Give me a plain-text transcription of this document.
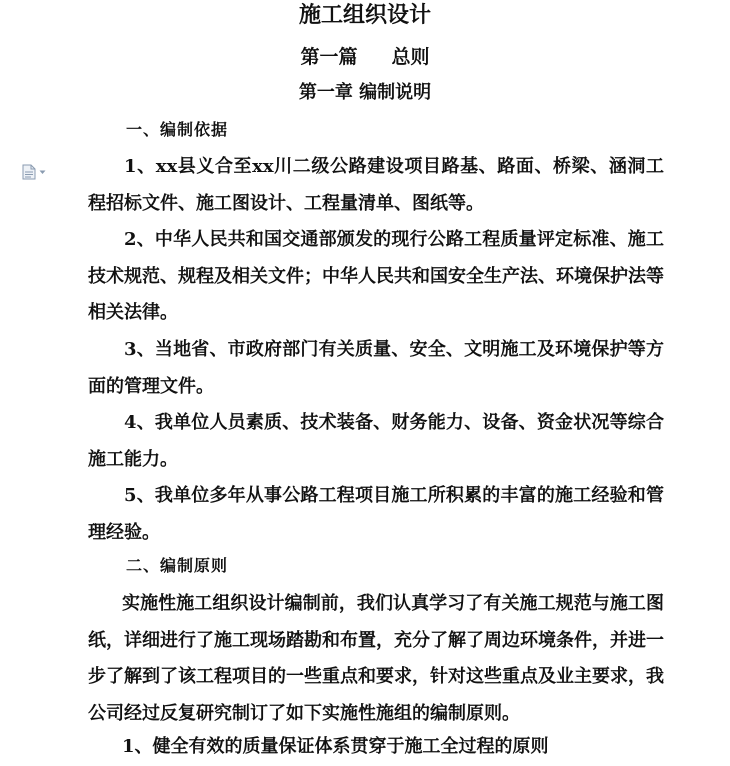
施工组织设计
第一篇 总则
第一章 编制说明
一、编制依据

1、xx县义合至xx川二级公路建设项目路基、路面、桥梁、涵洞工程招标文件、施工图设计、工程量清单、图纸等。

2、中华人民共和国交通部颁发的现行公路工程质量评定标准、施工技术规范、规程及相关文件；中华人民共和国安全生产法、环境保护法等相关法律。

3、当地省、市政府部门有关质量、安全、文明施工及环境保护等方面的管理文件。

4、我单位人员素质、技术装备、财务能力、设备、资金状况等综合施工能力。

5、我单位多年从事公路工程项目施工所积累的丰富的施工经验和管理经验。

二、编制原则

实施性施工组织设计编制前，我们认真学习了有关施工规范与施工图纸，详细进行了施工现场踏勘和布置，充分了解了周边环境条件，并进一步了解到了该工程项目的一些重点和要求，针对这些重点及业主要求，我公司经过反复研究制订了如下实施性施组的编制原则。

1、健全有效的质量保证体系贯穿于施工全过程的原则
